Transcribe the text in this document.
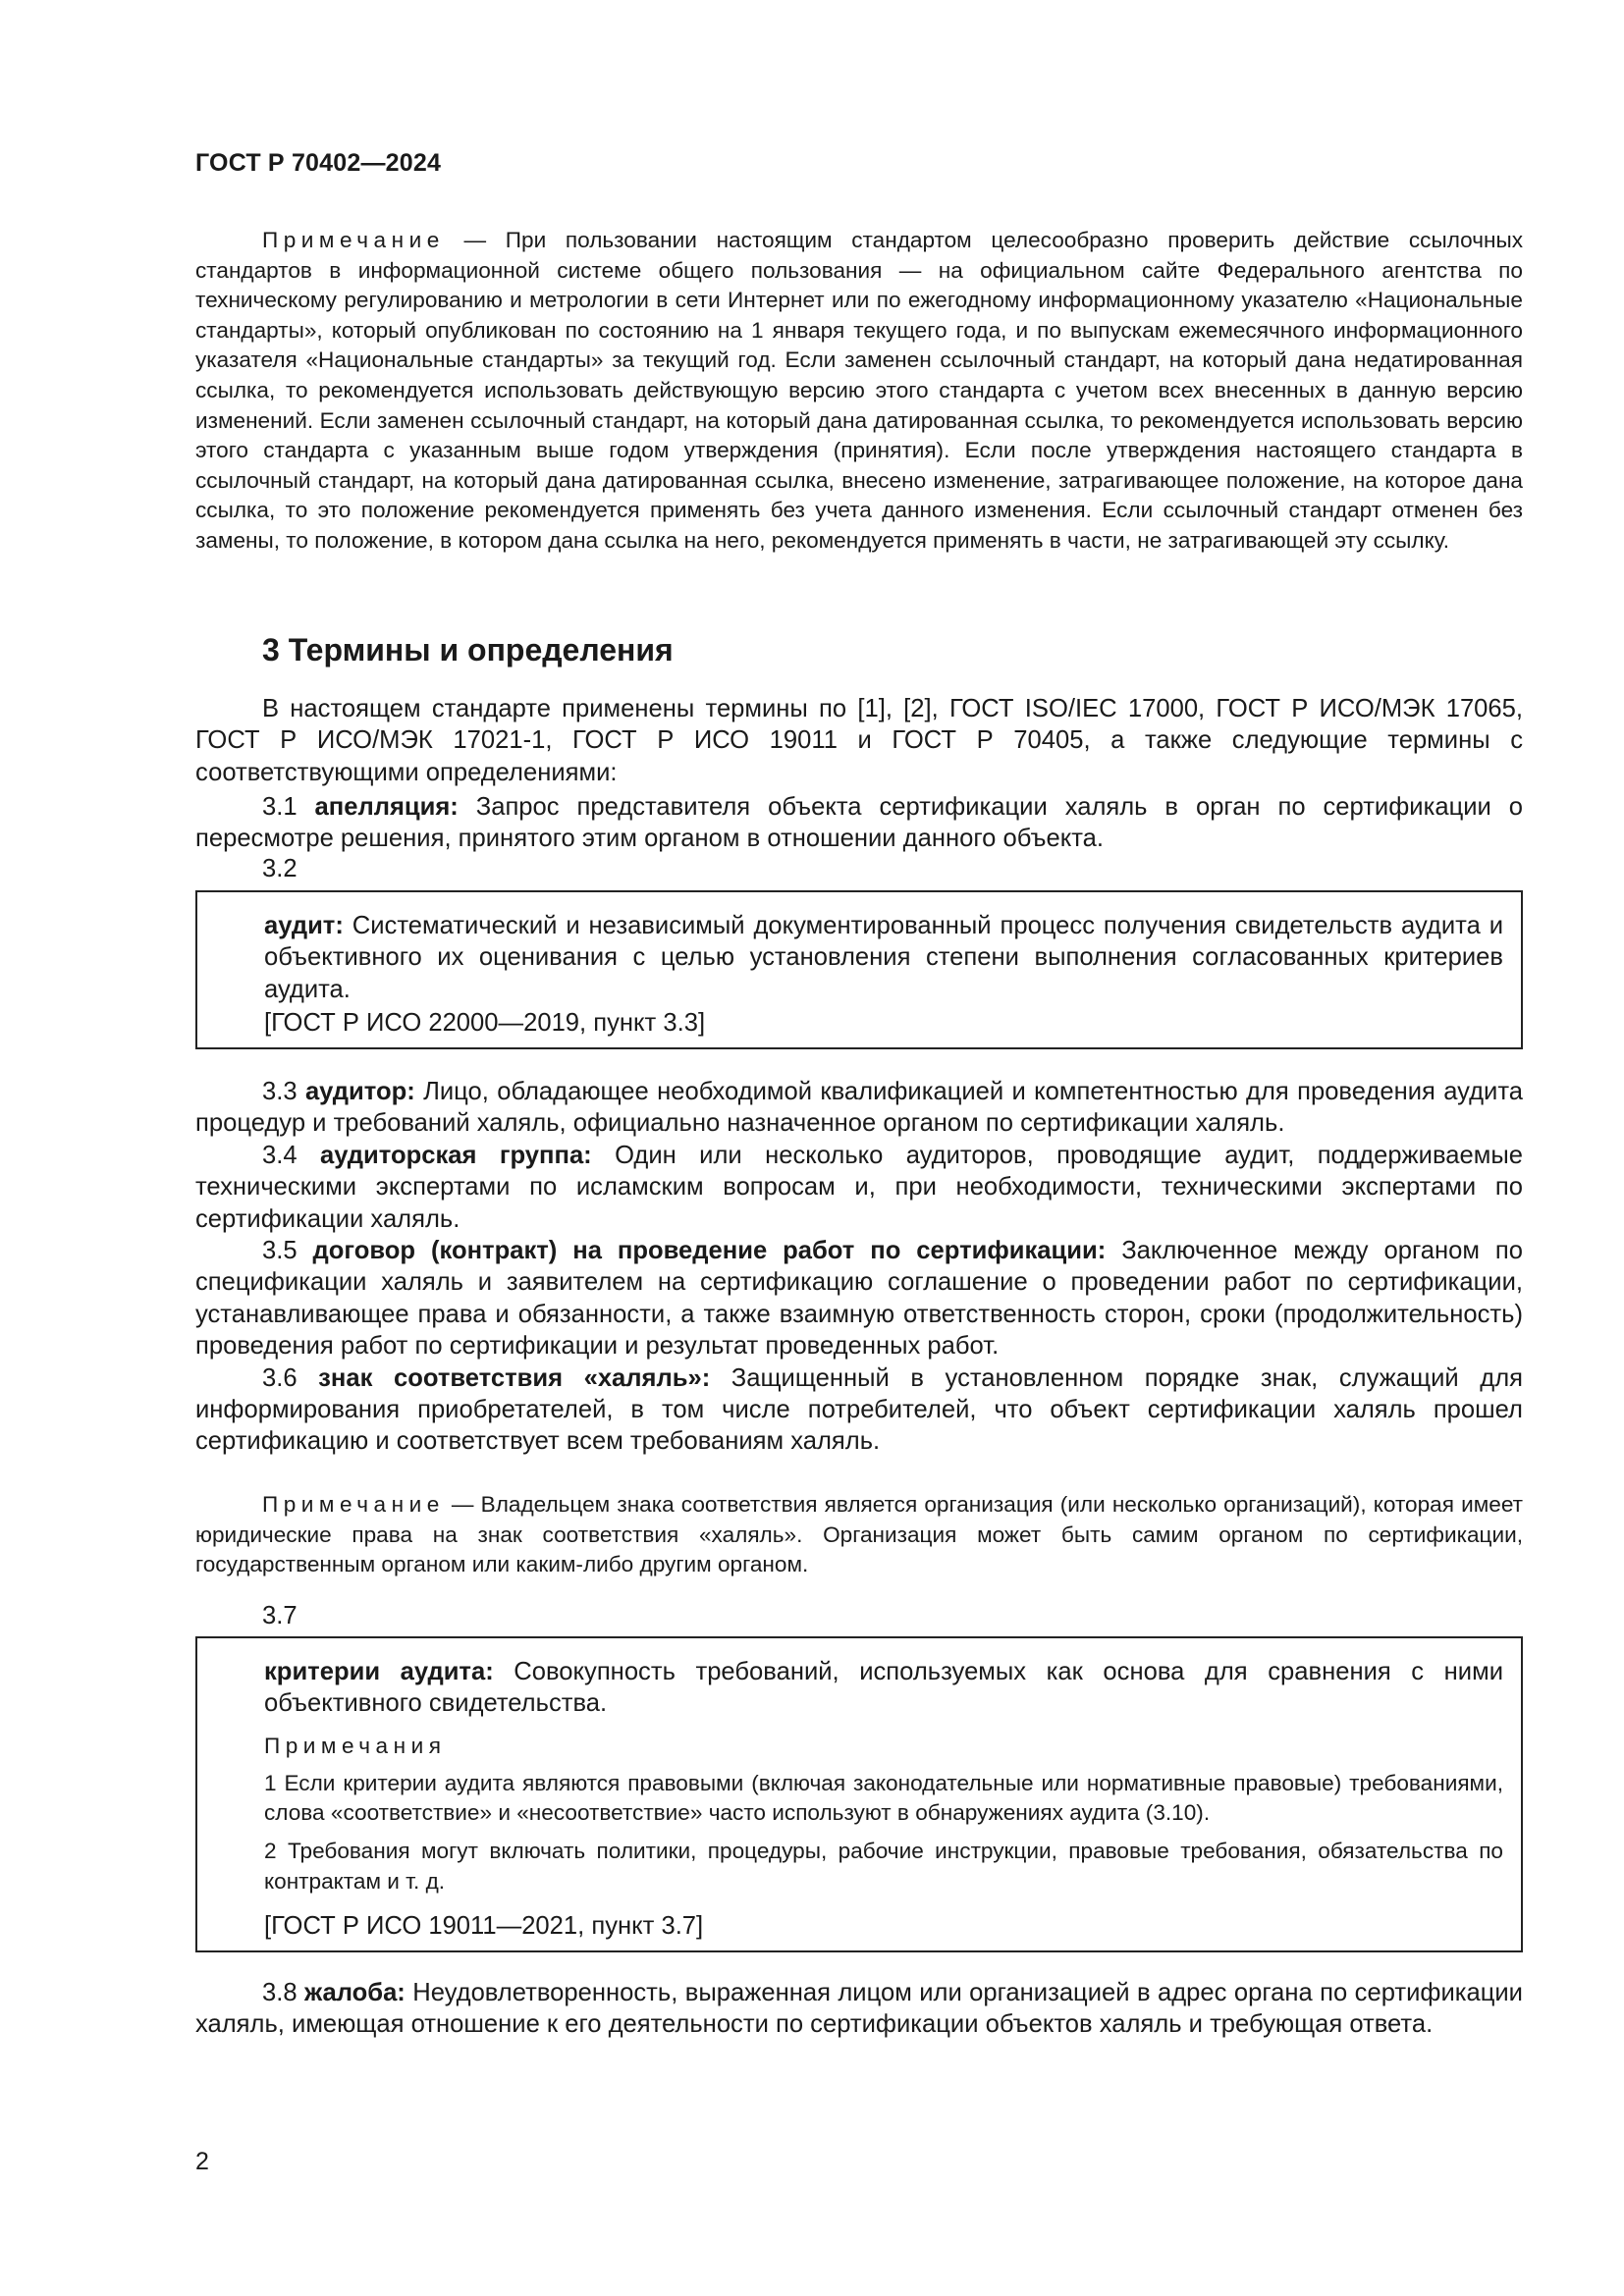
ГОСТ Р 70402—2024

Примечание — При пользовании настоящим стандартом целесообразно проверить действие ссылочных стандартов в информационной системе общего пользования — на официальном сайте Федерального агентства по техническому регулированию и метрологии в сети Интернет или по ежегодному информационному указателю «Национальные стандарты», который опубликован по состоянию на 1 января текущего года, и по выпускам ежемесячного информационного указателя «Национальные стандарты» за текущий год. Если заменен ссылочный стандарт, на который дана недатированная ссылка, то рекомендуется использовать действующую версию этого стандарта с учетом всех внесенных в данную версию изменений. Если заменен ссылочный стандарт, на который дана датированная ссылка, то рекомендуется использовать версию этого стандарта с указанным выше годом утверждения (принятия). Если после утверждения настоящего стандарта в ссылочный стандарт, на который дана датированная ссылка, внесено изменение, затрагивающее положение, на которое дана ссылка, то это положение рекомендуется применять без учета данного изменения. Если ссылочный стандарт отменен без замены, то положение, в котором дана ссылка на него, рекомендуется применять в части, не затрагивающей эту ссылку.

3 Термины и определения

В настоящем стандарте применены термины по [1], [2], ГОСТ ISO/IEC 17000, ГОСТ Р ИСО/МЭК 17065, ГОСТ Р ИСО/МЭК 17021-1, ГОСТ Р ИСО 19011 и ГОСТ Р 70405, а также следующие термины с соответствующими определениями:

3.1 апелляция: Запрос представителя объекта сертификации халяль в орган по сертификации о пересмотре решения, принятого этим органом в отношении данного объекта.

3.2

аудит: Систематический и независимый документированный процесс получения свидетельств аудита и объективного их оценивания с целью установления степени выполнения согласованных критериев аудита.

[ГОСТ Р ИСО 22000—2019, пункт 3.3]

3.3 аудитор: Лицо, обладающее необходимой квалификацией и компетентностью для проведения аудита процедур и требований халяль, официально назначенное органом по сертификации халяль.

3.4 аудиторская группа: Один или несколько аудиторов, проводящие аудит, поддерживаемые техническими экспертами по исламским вопросам и, при необходимости, техническими экспертами по сертификации халяль.

3.5 договор (контракт) на проведение работ по сертификации: Заключенное между органом по спецификации халяль и заявителем на сертификацию соглашение о проведении работ по сертификации, устанавливающее права и обязанности, а также взаимную ответственность сторон, сроки (продолжительность) проведения работ по сертификации и результат проведенных работ.

3.6 знак соответствия «халяль»: Защищенный в установленном порядке знак, служащий для информирования приобретателей, в том числе потребителей, что объект сертификации халяль прошел сертификацию и соответствует всем требованиям халяль.

Примечание — Владельцем знака соответствия является организация (или несколько организаций), которая имеет юридические права на знак соответствия «халяль». Организация может быть самим органом по сертификации, государственным органом или каким-либо другим органом.

3.7

критерии аудита: Совокупность требований, используемых как основа для сравнения с ними объективного свидетельства.

Примечания

1 Если критерии аудита являются правовыми (включая законодательные или нормативные правовые) требованиями, слова «соответствие» и «несоответствие» часто используют в обнаружениях аудита (3.10).

2 Требования могут включать политики, процедуры, рабочие инструкции, правовые требования, обязательства по контрактам и т. д.

[ГОСТ Р ИСО 19011—2021, пункт 3.7]

3.8 жалоба: Неудовлетворенность, выраженная лицом или организацией в адрес органа по сертификации халяль, имеющая отношение к его деятельности по сертификации объектов халяль и требующая ответа.

2
